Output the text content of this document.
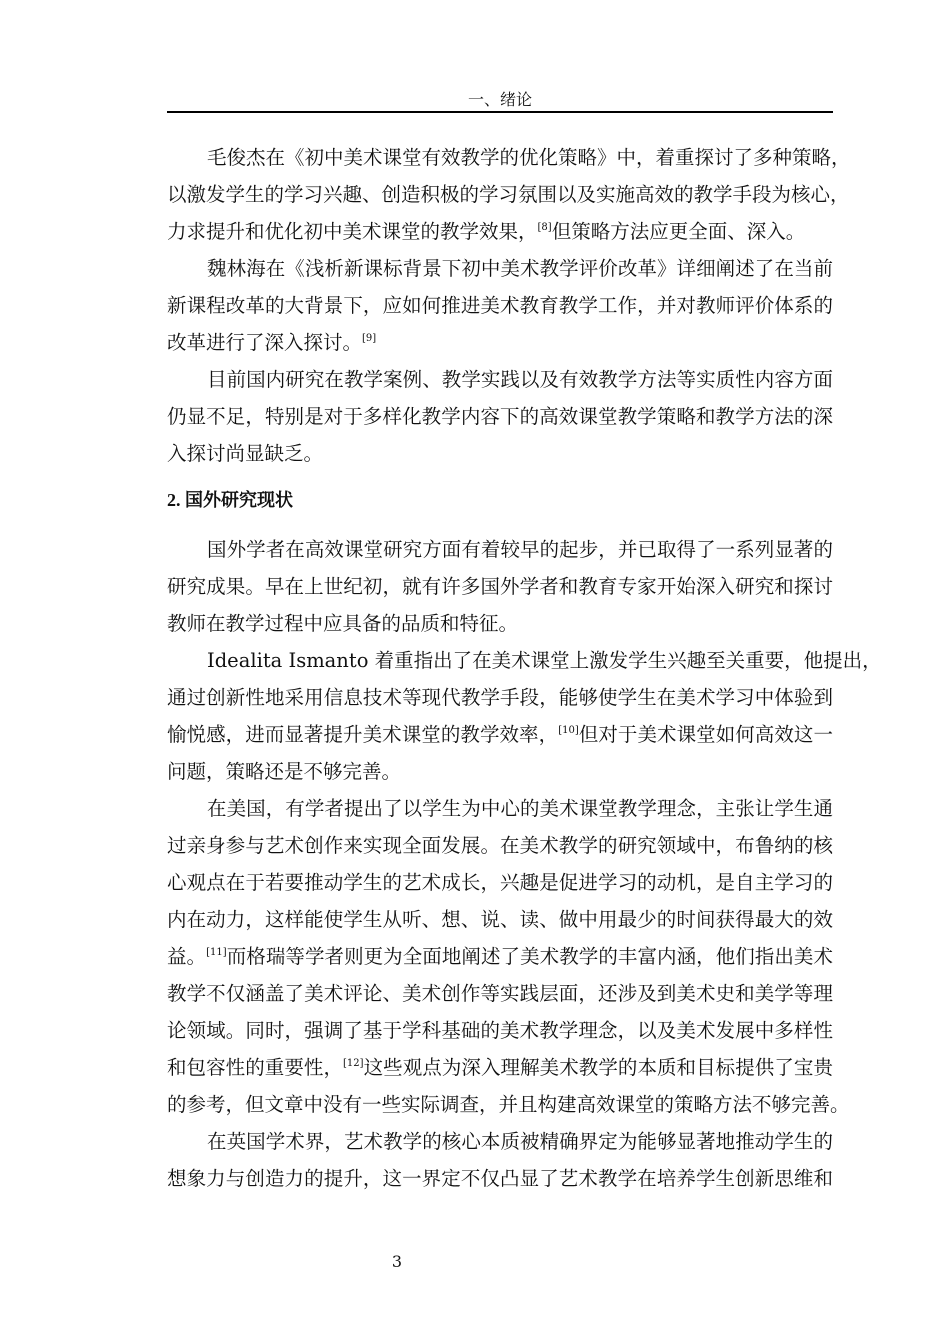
一、绪论
毛俊杰在《初中美术课堂有效教学的优化策略》中，着重探讨了多种策略，
以激发学生的学习兴趣、创造积极的学习氛围以及实施高效的教学手段为核心，
力求提升和优化初中美术课堂的教学效果，[8]但策略方法应更全面、深入。
魏林海在《浅析新课标背景下初中美术教学评价改革》详细阐述了在当前
新课程改革的大背景下，应如何推进美术教育教学工作，并对教师评价体系的
改革进行了深入探讨。[9]
目前国内研究在教学案例、教学实践以及有效教学方法等实质性内容方面
仍显不足，特别是对于多样化教学内容下的高效课堂教学策略和教学方法的深
入探讨尚显缺乏。
2. 国外研究现状
国外学者在高效课堂研究方面有着较早的起步，并已取得了一系列显著的
研究成果。早在上世纪初，就有许多国外学者和教育专家开始深入研究和探讨
教师在教学过程中应具备的品质和特征。
Idealita Ismanto 着重指出了在美术课堂上激发学生兴趣至关重要，他提出，
通过创新性地采用信息技术等现代教学手段，能够使学生在美术学习中体验到
愉悦感，进而显著提升美术课堂的教学效率，[10]但对于美术课堂如何高效这一
问题，策略还是不够完善。
在美国，有学者提出了以学生为中心的美术课堂教学理念，主张让学生通
过亲身参与艺术创作来实现全面发展。在美术教学的研究领域中，布鲁纳的核
心观点在于若要推动学生的艺术成长，兴趣是促进学习的动机，是自主学习的
内在动力，这样能使学生从听、想、说、读、做中用最少的时间获得最大的效
益。[11]而格瑞等学者则更为全面地阐述了美术教学的丰富内涵，他们指出美术
教学不仅涵盖了美术评论、美术创作等实践层面，还涉及到美术史和美学等理
论领域。同时，强调了基于学科基础的美术教学理念，以及美术发展中多样性
和包容性的重要性，[12]这些观点为深入理解美术教学的本质和目标提供了宝贵
的参考，但文章中没有一些实际调查，并且构建高效课堂的策略方法不够完善。
在英国学术界，艺术教学的核心本质被精确界定为能够显著地推动学生的
想象力与创造力的提升，这一界定不仅凸显了艺术教学在培养学生创新思维和
3
